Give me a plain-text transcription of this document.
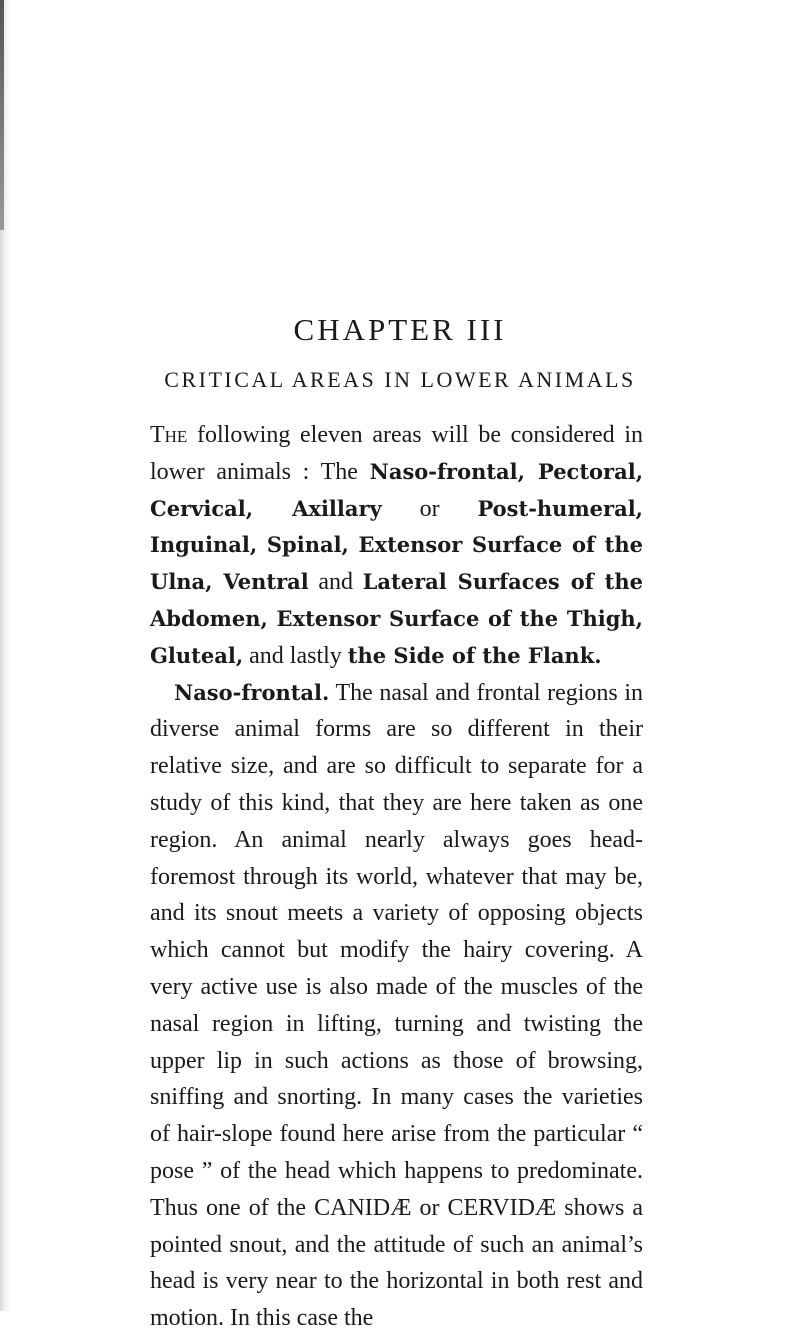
CHAPTER III
CRITICAL AREAS IN LOWER ANIMALS

The following eleven areas will be considered in lower animals : The Naso-frontal, Pectoral, Cervical, Axillary or Post-humeral, Inguinal, Spinal, Extensor Surface of the Ulna, Ventral and Lateral Surfaces of the Abdomen, Extensor Surface of the Thigh, Gluteal, and lastly the Side of the Flank.

Naso-frontal. The nasal and frontal regions in diverse animal forms are so different in their relative size, and are so difficult to separate for a study of this kind, that they are here taken as one region. An animal nearly always goes head-foremost through its world, whatever that may be, and its snout meets a variety of opposing objects which cannot but modify the hairy covering. A very active use is also made of the muscles of the nasal region in lifting, turning and twisting the upper lip in such actions as those of browsing, sniffing and snorting. In many cases the varieties of hair-slope found here arise from the particular “ pose ” of the head which happens to predominate. Thus one of the CANIDÆ or CERVIDÆ shows a pointed snout, and the attitude of such an animal’s head is very near to the horizontal in both rest and motion. In this case the
